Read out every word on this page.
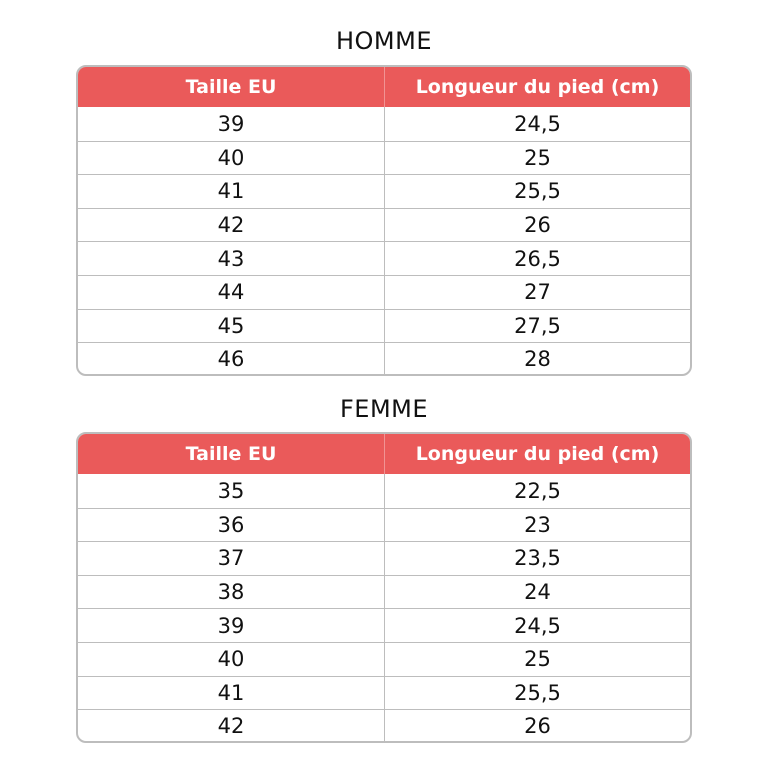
HOMME
Taille EU	Longueur du pied (cm)
39	24,5
40	25
41	25,5
42	26
43	26,5
44	27
45	27,5
46	28
FEMME
Taille EU	Longueur du pied (cm)
35	22,5
36	23
37	23,5
38	24
39	24,5
40	25
41	25,5
42	26
